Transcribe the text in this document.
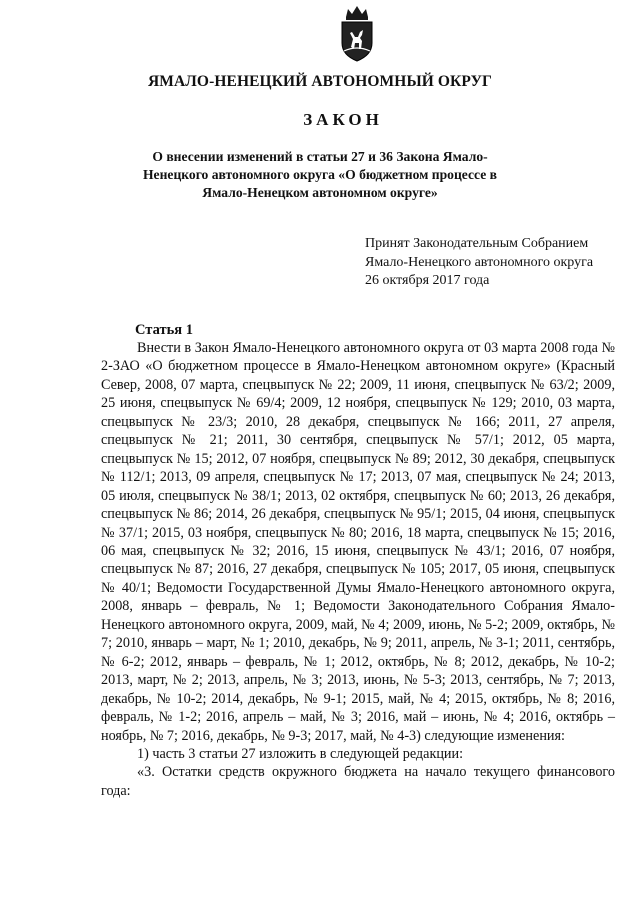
ЯМАЛО-НЕНЕЦКИЙ АВТОНОМНЫЙ ОКРУГ
ЗАКОН
О внесении изменений в статьи 27 и 36 Закона Ямало-Ненецкого автономного округа «О бюджетном процессе в Ямало-Ненецком автономном округе»
Принят Законодательным Собранием
Ямало-Ненецкого автономного округа
26 октября 2017 года
Статья 1

Внести в Закон Ямало-Ненецкого автономного округа от 03 марта 2008 года № 2-ЗАО «О бюджетном процессе в Ямало-Ненецком автономном округе» (Красный Север, 2008, 07 марта, спецвыпуск № 22; 2009, 11 июня, спецвыпуск № 63/2; 2009, 25 июня, спецвыпуск № 69/4; 2009, 12 ноября, спецвыпуск № 129; 2010, 03 марта, спецвыпуск № 23/3; 2010, 28 декабря, спецвыпуск № 166; 2011, 27 апреля, спецвыпуск № 21; 2011, 30 сентября, спецвыпуск № 57/1; 2012, 05 марта, спецвыпуск № 15; 2012, 07 ноября, спецвыпуск № 89; 2012, 30 декабря, спецвыпуск № 112/1; 2013, 09 апреля, спецвыпуск № 17; 2013, 07 мая, спецвыпуск № 24; 2013, 05 июля, спецвыпуск № 38/1; 2013, 02 октября, спецвыпуск № 60; 2013, 26 декабря, спецвыпуск № 86; 2014, 26 декабря, спецвыпуск № 95/1; 2015, 04 июня, спецвыпуск № 37/1; 2015, 03 ноября, спецвыпуск № 80; 2016, 18 марта, спецвыпуск № 15; 2016, 06 мая, спецвыпуск № 32; 2016, 15 июня, спецвыпуск № 43/1; 2016, 07 ноября, спецвыпуск № 87; 2016, 27 декабря, спецвыпуск № 105; 2017, 05 июня, спецвыпуск № 40/1; Ведомости Государственной Думы Ямало-Ненецкого автономного округа, 2008, январь – февраль, № 1; Ведомости Законодательного Собрания Ямало-Ненецкого автономного округа, 2009, май, № 4; 2009, июнь, № 5-2; 2009, октябрь, № 7; 2010, январь – март, № 1; 2010, декабрь, № 9; 2011, апрель, № 3-1; 2011, сентябрь, № 6-2; 2012, январь – февраль, № 1; 2012, октябрь, № 8; 2012, декабрь, № 10-2; 2013, март, № 2; 2013, апрель, № 3; 2013, июнь, № 5-3; 2013, сентябрь, № 7; 2013, декабрь, № 10-2; 2014, декабрь, № 9-1; 2015, май, № 4; 2015, октябрь, № 8; 2016, февраль, № 1-2; 2016, апрель – май, № 3; 2016, май – июнь, № 4; 2016, октябрь – ноябрь, № 7; 2016, декабрь, № 9-3; 2017, май, № 4-3) следующие изменения:

1) часть 3 статьи 27 изложить в следующей редакции:

«3. Остатки средств окружного бюджета на начало текущего финансового года:
